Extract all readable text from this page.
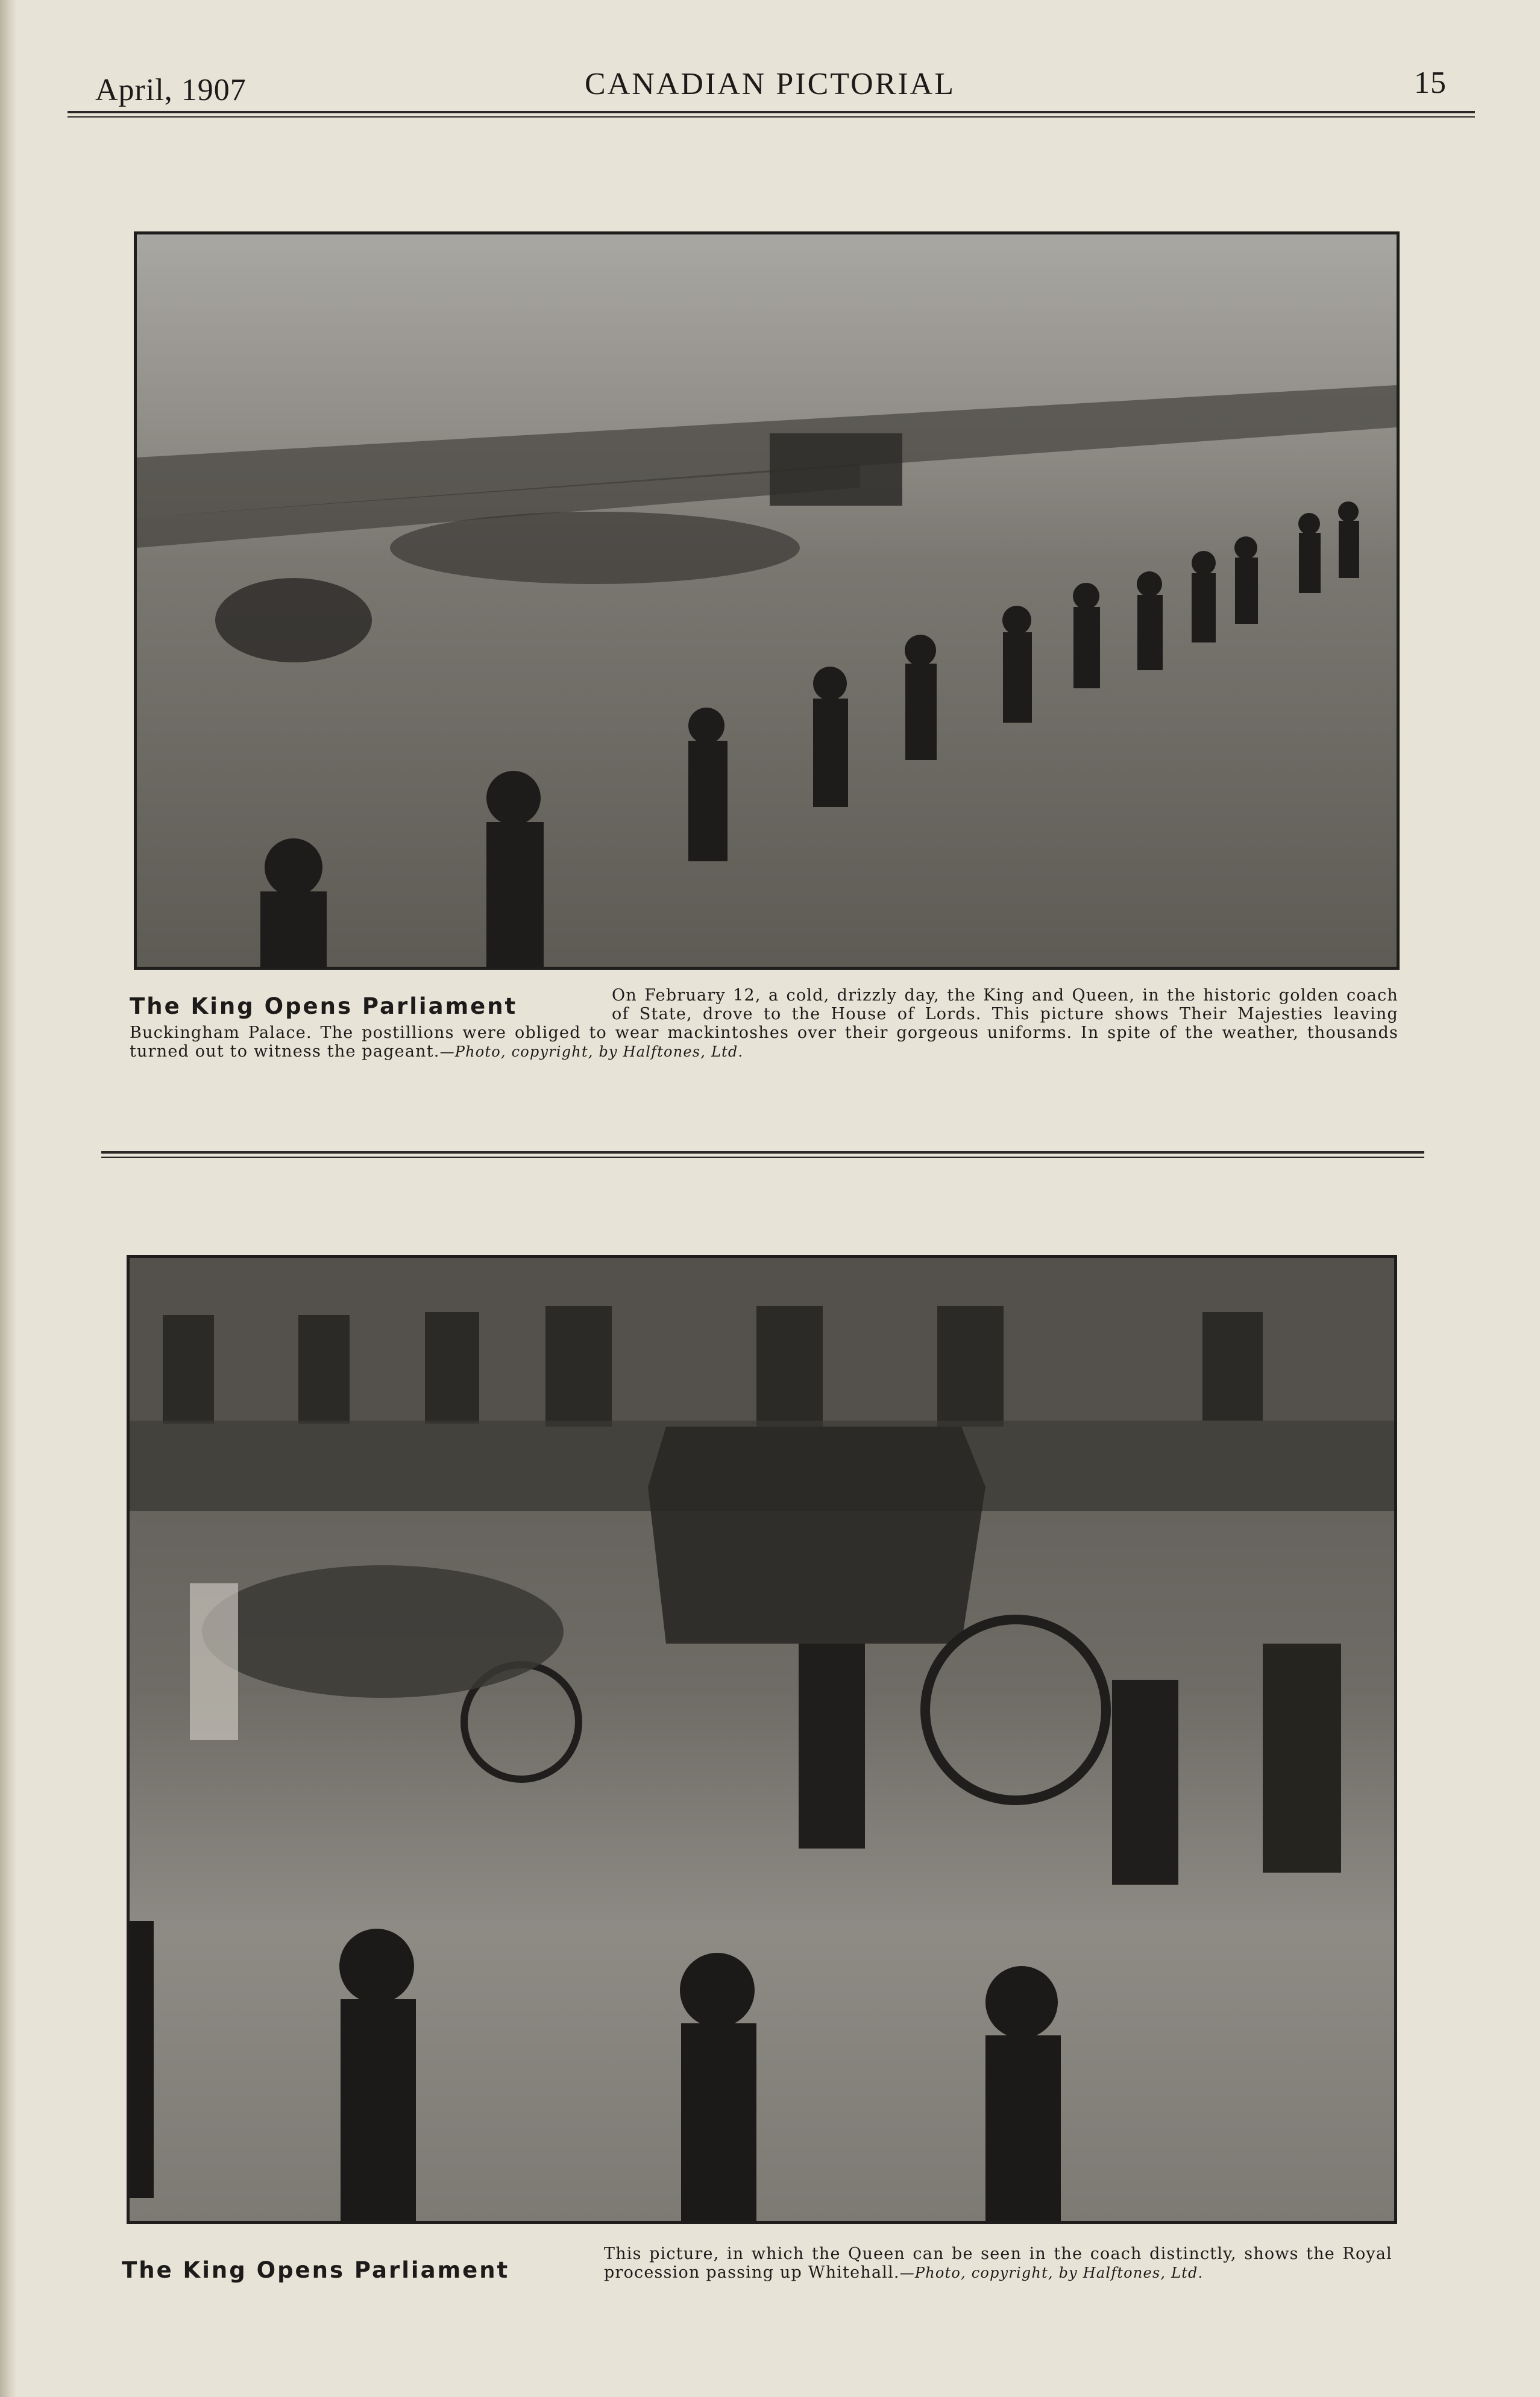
April, 1907	CANADIAN PICTORIAL	15
The King Opens Parliament	On February 12, a cold, drizzly day, the King and Queen, in the historic golden coach of State, drove to the House of Lords. This picture shows Their Majesties leaving Buckingham Palace. The postillions were obliged to wear mackintoshes over their gorgeous uniforms. In spite of the weather, thousands turned out to witness the pageant.—Photo, copyright, by Halftones, Ltd.
The King Opens Parliament
This picture, in which the Queen can be seen in the coach distinctly, shows the Royal procession passing up Whitehall.—Photo, copyright, by Halftones, Ltd.
